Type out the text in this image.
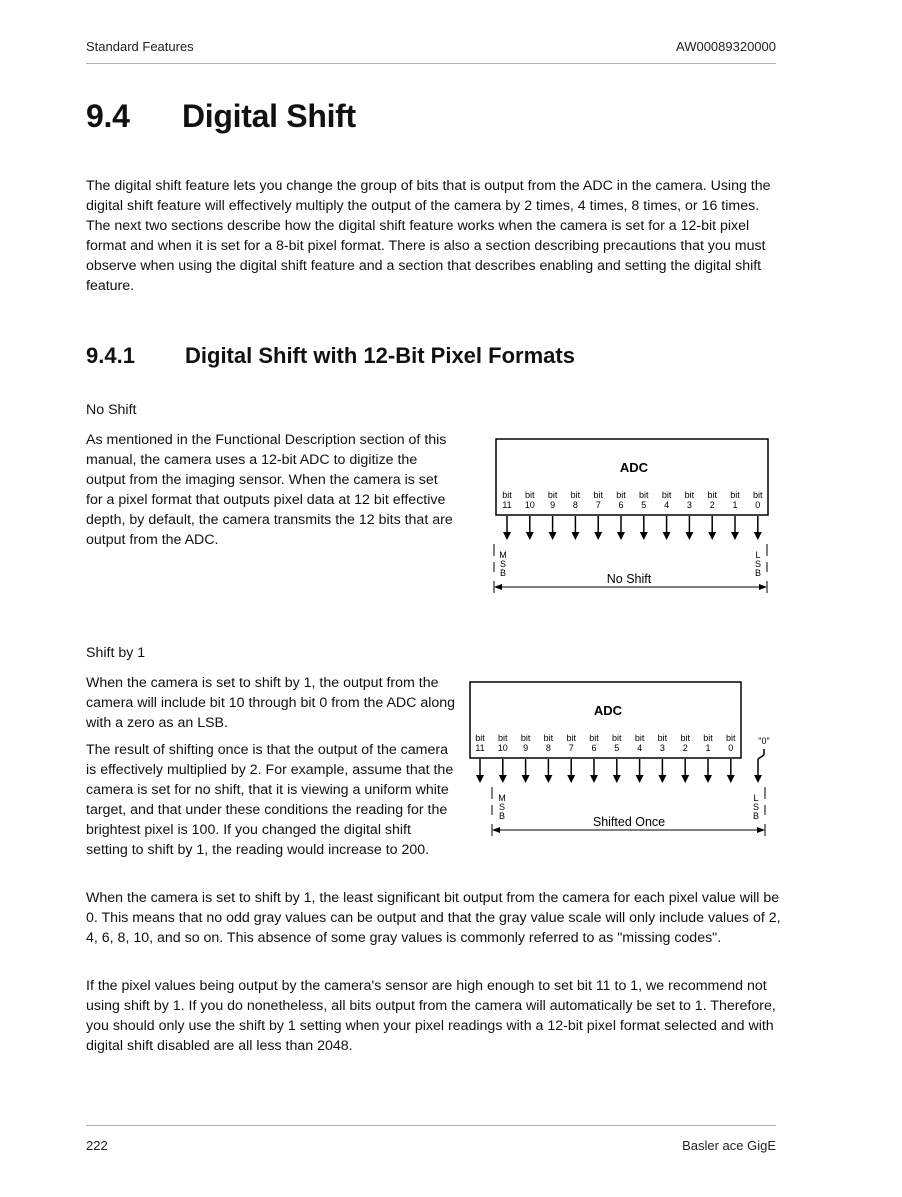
Standard Features	AW00089320000
9.4 Digital Shift
The digital shift feature lets you change the group of bits that is output from the ADC in the camera. Using the digital shift feature will effectively multiply the output of the camera by 2 times, 4 times, 8 times, or 16 times. The next two sections describe how the digital shift feature works when the camera is set for a 12-bit pixel format and when it is set for a 8-bit pixel format. There is also a section describing precautions that you must observe when using the digital shift feature and a section that describes enabling and setting the digital shift feature.
9.4.1 Digital Shift with 12-Bit Pixel Formats
No Shift
As mentioned in the Functional Description section of this manual, the camera uses a 12-bit ADC to digitize the output from the imaging sensor. When the camera is set for a pixel format that outputs pixel data at 12 bit effective depth, by default, the camera transmits the 12 bits that are output from the ADC.
ADC
bit
11
bit
10
bit
9
bit
8
bit
7
bit
6
bit
5
bit
4
bit
3
bit
2
bit
1
bit
0
M
S
B
L
S
B
No Shift
Shift by 1
When the camera is set to shift by 1, the output from the camera will include bit 10 through bit 0 from the ADC along with a zero as an LSB.
The result of shifting once is that the output of the camera is effectively multiplied by 2. For example, assume that the camera is set for no shift, that it is viewing a uniform white target, and that under these conditions the reading for the brightest pixel is 100. If you changed the digital shift setting to shift by 1, the reading would increase to 200.
ADC
bit
11
bit
10
bit
9
bit
8
bit
7
bit
6
bit
5
bit
4
bit
3
bit
2
bit
1
bit
0
"0"
M
S
B
L
S
B
Shifted Once
When the camera is set to shift by 1, the least significant bit output from the camera for each pixel value will be 0. This means that no odd gray values can be output and that the gray value scale will only include values of 2, 4, 6, 8, 10, and so on. This absence of some gray values is commonly referred to as "missing codes".
If the pixel values being output by the camera's sensor are high enough to set bit 11 to 1, we recommend not using shift by 1. If you do nonetheless, all bits output from the camera will automatically be set to 1. Therefore, you should only use the shift by 1 setting when your pixel readings with a 12-bit pixel format selected and with digital shift disabled are all less than 2048.
222	Basler ace GigE
